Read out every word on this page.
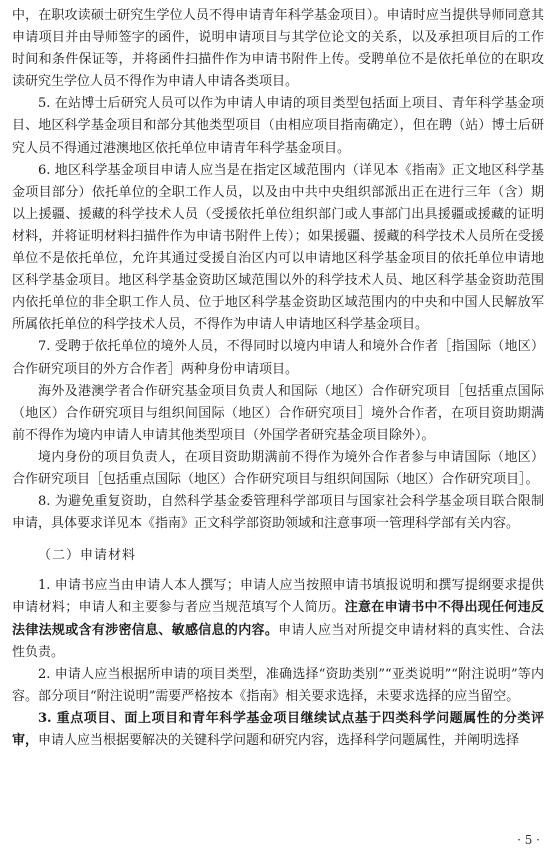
中，在职攻读硕士研究生学位人员不得申请青年科学基金项目）。申请时应当提供导师同意其申请项目并由导师签字的函件，说明申请项目与其学位论文的关系，以及承担项目后的工作时间和条件保证等，并将函件扫描件作为申请书附件上传。受聘单位不是依托单位的在职攻读研究生学位人员不得作为申请人申请各类项目。

5. 在站博士后研究人员可以作为申请人申请的项目类型包括面上项目、青年科学基金项目、地区科学基金项目和部分其他类型项目（由相应项目指南确定），但在聘（站）博士后研究人员不得通过港澳地区依托单位申请青年科学基金项目。

6. 地区科学基金项目申请人应当是在指定区域范围内（详见本《指南》正文地区科学基金项目部分）依托单位的全职工作人员，以及由中共中央组织部派出正在进行三年（含）期以上援疆、援藏的科学技术人员（受援依托单位组织部门或人事部门出具援疆或援藏的证明材料，并将证明材料扫描件作为申请书附件上传）；如果援疆、援藏的科学技术人员所在受援单位不是依托单位，允许其通过受援自治区内可以申请地区科学基金项目的依托单位申请地区科学基金项目。地区科学基金资助区域范围以外的科学技术人员、地区科学基金资助范围内依托单位的非全职工作人员、位于地区科学基金资助区域范围内的中央和中国人民解放军所属依托单位的科学技术人员，不得作为申请人申请地区科学基金项目。

7. 受聘于依托单位的境外人员，不得同时以境内申请人和境外合作者［指国际（地区）合作研究项目的外方合作者］两种身份申请项目。

海外及港澳学者合作研究基金项目负责人和国际（地区）合作研究项目［包括重点国际（地区）合作研究项目与组织间国际（地区）合作研究项目］境外合作者，在项目资助期满前不得作为境内申请人申请其他类型项目（外国学者研究基金项目除外）。

境内身份的项目负责人，在项目资助期满前不得作为境外合作者参与申请国际（地区）合作研究项目［包括重点国际（地区）合作研究项目与组织间国际（地区）合作研究项目］。

8. 为避免重复资助，自然科学基金委管理科学部项目与国家社会科学基金项目联合限制申请，具体要求详见本《指南》正文科学部资助领域和注意事项一管理科学部有关内容。

（二）申请材料

1. 申请书应当由申请人本人撰写；申请人应当按照申请书填报说明和撰写提纲要求提供申请材料；申请人和主要参与者应当规范填写个人简历。注意在申请书中不得出现任何违反法律法规或含有涉密信息、敏感信息的内容。申请人应当对所提交申请材料的真实性、合法性负责。

2. 申请人应当根据所申请的项目类型，准确选择“资助类别”“亚类说明”“附注说明”等内容。部分项目“附注说明”需要严格按本《指南》相关要求选择，未要求选择的应当留空。

3. 重点项目、面上项目和青年科学基金项目继续试点基于四类科学问题属性的分类评审，申请人应当根据要解决的关键科学问题和研究内容，选择科学问题属性，并阐明选择

· 5 ·
